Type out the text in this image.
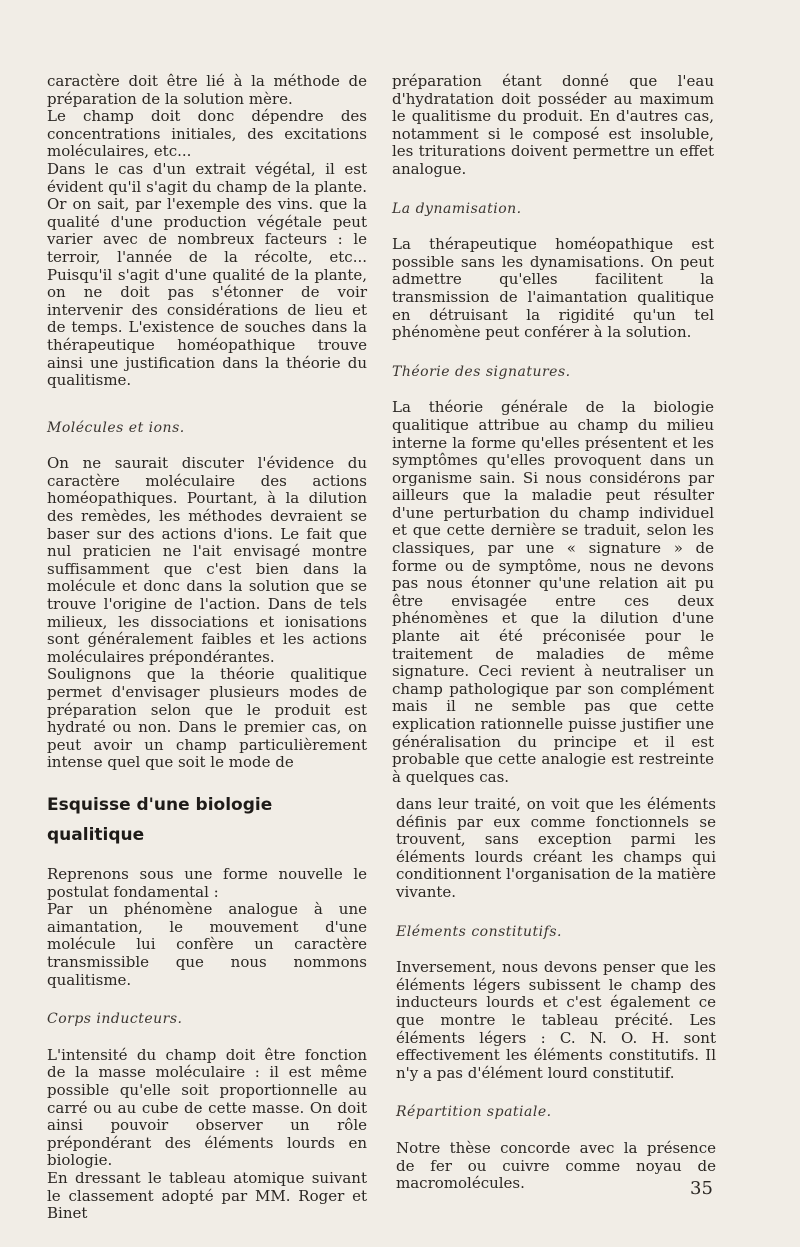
caractère doit être lié à la méthode de préparation de la solution mère.

Le champ doit donc dépendre des concentrations initiales, des excitations moléculaires, etc...

Dans le cas d'un extrait végétal, il est évident qu'il s'agit du champ de la plante. Or on sait, par l'exemple des vins. que la qualité d'une production végétale peut varier avec de nombreux facteurs : le terroir, l'année de la récolte, etc... Puisqu'il s'agit d'une qualité de la plante, on ne doit pas s'étonner de voir intervenir des considérations de lieu et de temps. L'existence de souches dans la thérapeutique homéopathique trouve ainsi une justification dans la théorie du qualitisme.

Molécules et ions.

On ne saurait discuter l'évidence du caractère moléculaire des actions homéopathiques. Pourtant, à la dilution des remèdes, les méthodes devraient se baser sur des actions d'ions. Le fait que nul praticien ne l'ait envisagé montre suffisamment que c'est bien dans la molécule et donc dans la solution que se trouve l'origine de l'action. Dans de tels milieux, les dissociations et ionisations sont généralement faibles et les actions moléculaires prépondérantes.

Soulignons que la théorie qualitique permet d'envisager plusieurs modes de préparation selon que le produit est hydraté ou non. Dans le premier cas, on peut avoir un champ particulièrement intense quel que soit le mode de

préparation étant donné que l'eau d'hydratation doit posséder au maximum le qualitisme du produit. En d'autres cas, notamment si le composé est insoluble, les triturations doivent permettre un effet analogue.

La dynamisation.

La thérapeutique homéopathique est possible sans les dynamisations. On peut admettre qu'elles facilitent la transmission de l'aimantation qualitique en détruisant la rigidité qu'un tel phénomène peut conférer à la solution.

Théorie des signatures.

La théorie générale de la biologie qualitique attribue au champ du milieu interne la forme qu'elles présentent et les symptômes qu'elles provoquent dans un organisme sain. Si nous considérons par ailleurs que la maladie peut résulter d'une perturbation du champ individuel et que cette dernière se traduit, selon les classiques, par une « signature » de forme ou de symptôme, nous ne devons pas nous étonner qu'une relation ait pu être envisagée entre ces deux phénomènes et que la dilution d'une plante ait été préconisée pour le traitement de maladies de même signature. Ceci revient à neutraliser un champ pathologique par son complément mais il ne semble pas que cette explication rationnelle puisse justifier une généralisation du principe et il est probable que cette analogie est restreinte à quelques cas.

Esquisse d'une biologie
qualitique

Reprenons sous une forme nouvelle le postulat fondamental :

Par un phénomène analogue à une aimantation, le mouvement d'une molécule lui confère un caractère transmissible que nous nommons qualitisme.

Corps inducteurs.

L'intensité du champ doit être fonction de la masse moléculaire : il est même possible qu'elle soit proportionnelle au carré ou au cube de cette masse. On doit ainsi pouvoir observer un rôle prépondérant des éléments lourds en biologie.

En dressant le tableau atomique suivant le classement adopté par MM. Roger et Binet

dans leur traité, on voit que les éléments définis par eux comme fonctionnels se trouvent, sans exception parmi les éléments lourds créant les champs qui conditionnent l'organisation de la matière vivante.

Eléments constitutifs.

Inversement, nous devons penser que les éléments légers subissent le champ des inducteurs lourds et c'est également ce que montre le tableau précité. Les éléments légers : C. N. O. H. sont effectivement les éléments constitutifs. Il n'y a pas d'élément lourd constitutif.

Répartition spatiale.

Notre thèse concorde avec la présence de fer ou cuivre comme noyau de macromolécules.	35
